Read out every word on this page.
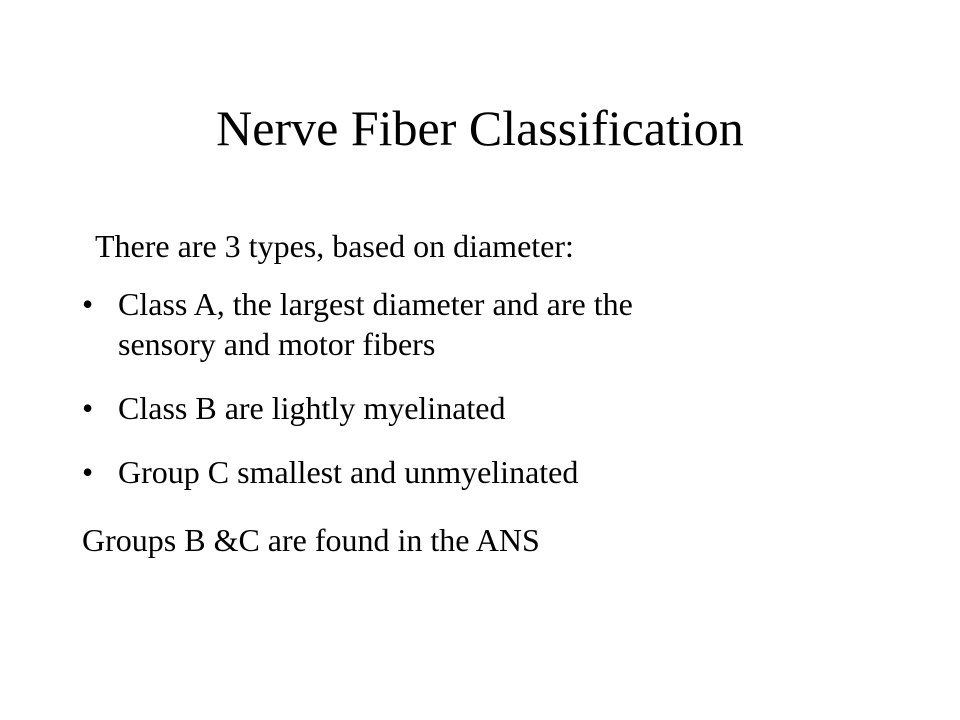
Nerve Fiber Classification
There are 3 types, based on diameter:
• Class A, the largest diameter and are the
sensory and motor fibers
• Class B are lightly myelinated
• Group C smallest and unmyelinated
Groups B &C are found in the ANS
